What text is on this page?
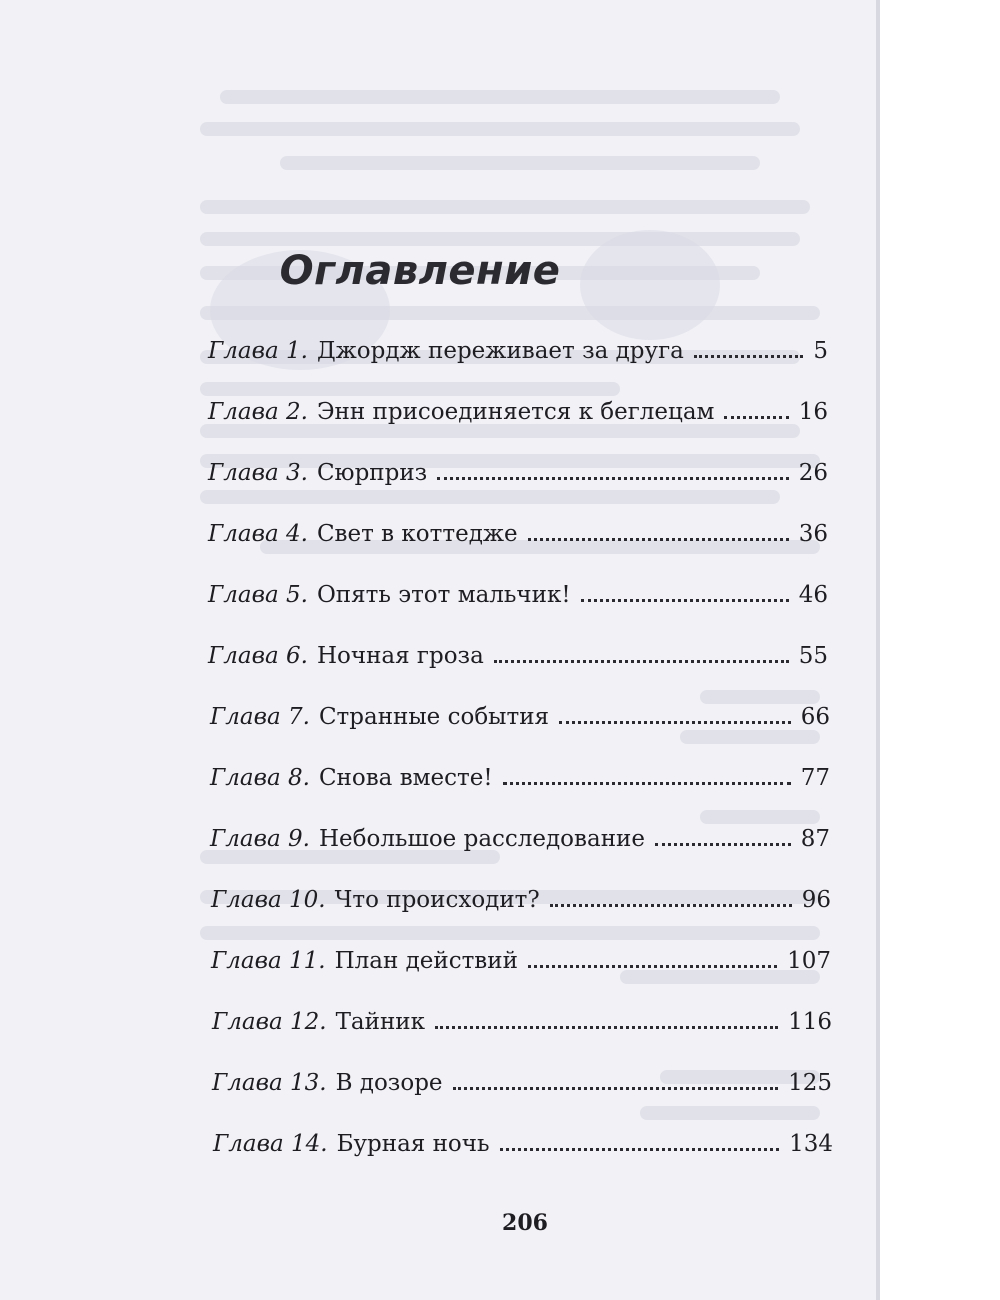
Оглавление
Глава 1. Джордж переживает за друга	5
Глава 2. Энн присоединяется к беглецам	16
Глава 3. Сюрприз	26
Глава 4. Свет в коттедже	36
Глава 5. Опять этот мальчик!	46
Глава 6. Ночная гроза	55
Глава 7. Странные события	66
Глава 8. Снова вместе!	77
Глава 9. Небольшое расследование	87
Глава 10. Что происходит?	96
Глава 11. План действий	107
Глава 12. Тайник	116
Глава 13. В дозоре	125
Глава 14. Бурная ночь	134
206
